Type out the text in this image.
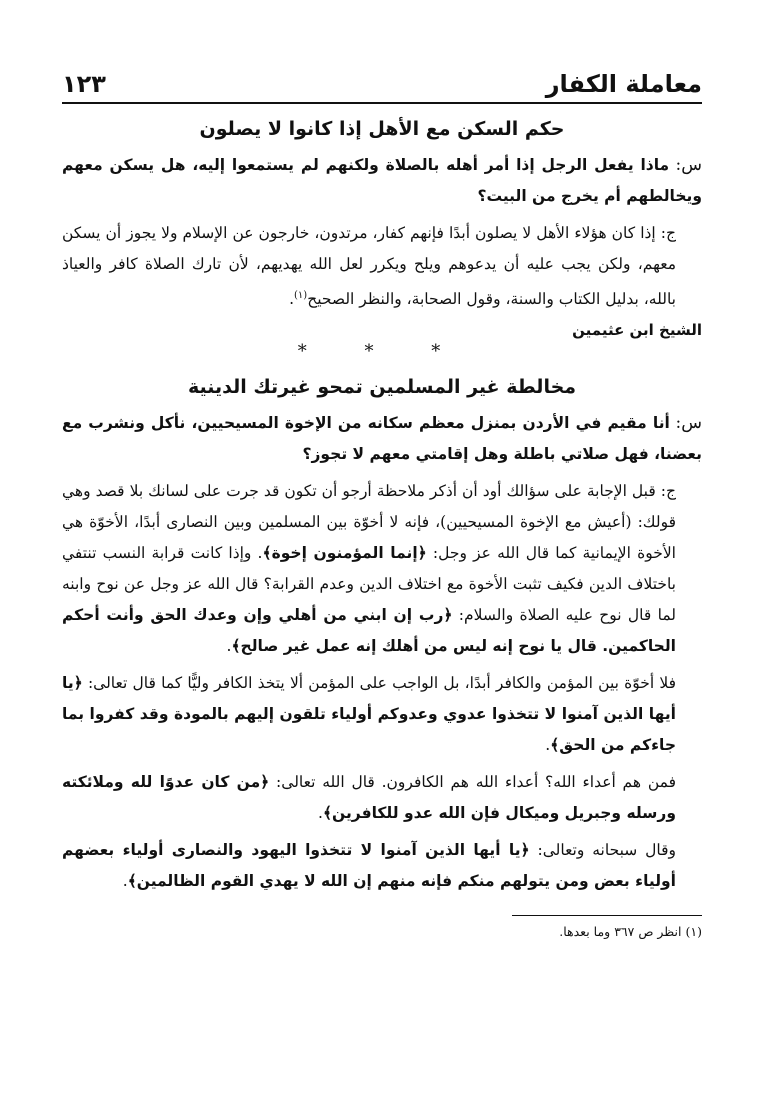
معاملة الكفار
١٢٣
حكم السكن مع الأهل إذا كانوا لا يصلون

س: ماذا يفعل الرجل إذا أمر أهله بالصلاة ولكنهم لم يستمعوا إليه، هل يسكن معهم ويخالطهم أم يخرج من البيت؟

ج: إذا كان هؤلاء الأهل لا يصلون أبدًا فإنهم كفار، مرتدون، خارجون عن الإسلام ولا يجوز أن يسكن معهم، ولكن يجب عليه أن يدعوهم ويلح ويكرر لعل الله يهديهم، لأن تارك الصلاة كافر والعياذ بالله، بدليل الكتاب والسنة، وقول الصحابة، والنظر الصحيح$^{(١)}$.

الشيخ ابن عثيمين
* * *
مخالطة غير المسلمين تمحو غيرتك الدينية

س: أنا مقيم في الأردن بمنزل معظم سكانه من الإخوة المسيحيين، نأكل ونشرب مع بعضنا، فهل صلاتي باطلة وهل إقامتي معهم لا تجوز؟

ج: قبل الإجابة على سؤالك أود أن أذكر ملاحظة أرجو أن تكون قد جرت على لسانك بلا قصد وهي قولك: (أعيش مع الإخوة المسيحيين)، فإنه لا أخوّة بين المسلمين وبين النصارى أبدًا، الأخوّة هي الأخوة الإيمانية كما قال الله عز وجل: ﴿إنما المؤمنون إخوة﴾. وإذا كانت قرابة النسب تنتفي باختلاف الدين فكيف تثبت الأخوة مع اختلاف الدين وعدم القرابة؟ قال الله عز وجل عن نوح وابنه لما قال نوح عليه الصلاة والسلام: ﴿رب إن ابني من أهلي وإن وعدك الحق وأنت أحكم الحاكمين. قال يا نوح إنه ليس من أهلك إنه عمل غير صالح﴾.

فلا أخوّة بين المؤمن والكافر أبدًا، بل الواجب على المؤمن ألا يتخذ الكافر وليًّا كما قال تعالى: ﴿يا أيها الذين آمنوا لا تتخذوا عدوي وعدوكم أولياء تلقون إليهم بالمودة وقد كفروا بما جاءكم من الحق﴾.

فمن هم أعداء الله؟ أعداء الله هم الكافرون. قال الله تعالى: ﴿من كان عدوًا لله وملائكته ورسله وجبريل وميكال فإن الله عدو للكافرين﴾.

وقال سبحانه وتعالى: ﴿يا أيها الذين آمنوا لا تتخذوا اليهود والنصارى أولياء بعضهم أولياء بعض ومن يتولهم منكم فإنه منهم إن الله لا يهدي القوم الظالمين﴾.

(١) انظر ص ٣٦٧ وما بعدها.
